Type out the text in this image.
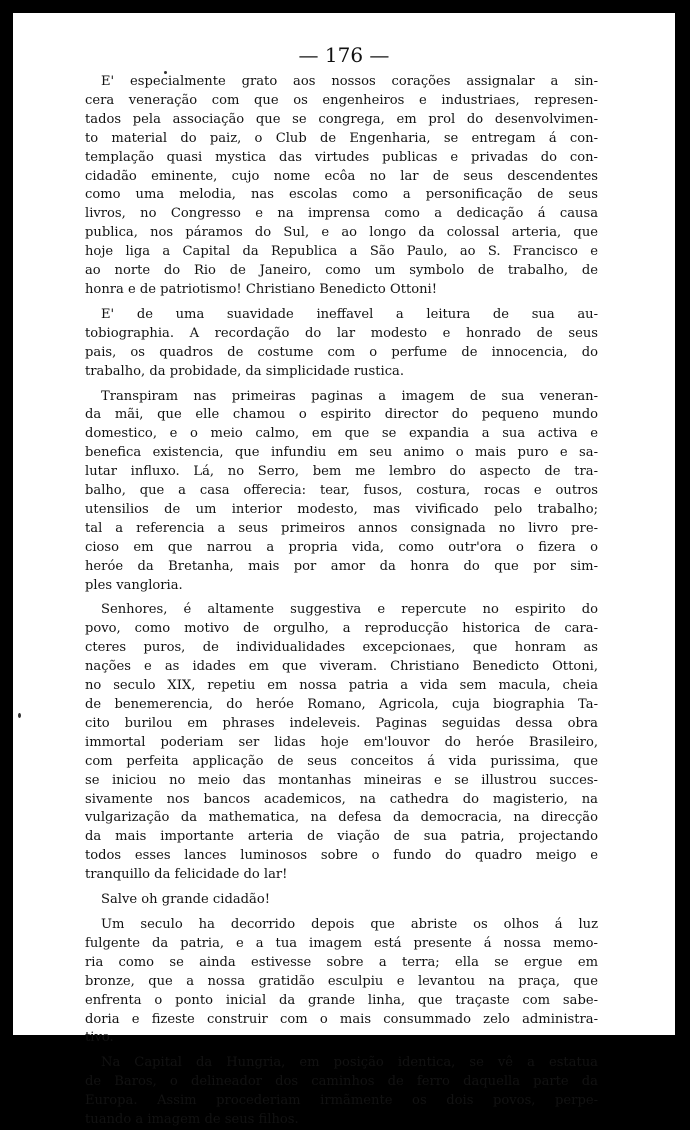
— 176 —
E' especialmente grato aos nossos corações assignalar a sin-
cera veneração com que os engenheiros e industriaes, represen-
tados pela associação que se congrega, em prol do desenvolvimen-
to material do paiz, o Club de Engenharia, se entregam á con-
templação quasi mystica das virtudes publicas e privadas do con-
cidadão eminente, cujo nome ecôa no lar de seus descendentes
como uma melodia, nas escolas como a personificação de seus
livros, no Congresso e na imprensa como a dedicação á causa
publica, nos páramos do Sul, e ao longo da colossal arteria, que
hoje liga a Capital da Republica a São Paulo, ao S. Francisco e
ao norte do Rio de Janeiro, como um symbolo de trabalho, de
honra e de patriotismo! Christiano Benedicto Ottoni!
E' de uma suavidade ineffavel a leitura de sua au-
tobiographia. A recordação do lar modesto e honrado de seus
pais, os quadros de costume com o perfume de innocencia, do
trabalho, da probidade, da simplicidade rustica.
Transpiram nas primeiras paginas a imagem de sua veneran-
da mãi, que elle chamou o espirito director do pequeno mundo
domestico, e o meio calmo, em que se expandia a sua activa e
benefica existencia, que infundiu em seu animo o mais puro e sa-
lutar influxo. Lá, no Serro, bem me lembro do aspecto de tra-
balho, que a casa offerecia: tear, fusos, costura, rocas e outros
utensilios de um interior modesto, mas vivificado pelo trabalho;
tal a referencia a seus primeiros annos consignada no livro pre-
cioso em que narrou a propria vida, como outr'ora o fizera o
heróe da Bretanha, mais por amor da honra do que por sim-
ples vangloria.
Senhores, é altamente suggestiva e repercute no espirito do
povo, como motivo de orgulho, a reproducção historica de cara-
cteres puros, de individualidades excepcionaes, que honram as
nações e as idades em que viveram. Christiano Benedicto Ottoni,
no seculo XIX, repetiu em nossa patria a vida sem macula, cheia
de benemerencia, do heróe Romano, Agricola, cuja biographia Ta-
cito burilou em phrases indeleveis. Paginas seguidas dessa obra
immortal poderiam ser lidas hoje em'louvor do heróe Brasileiro,
com perfeita applicação de seus conceitos á vida purissima, que
se iniciou no meio das montanhas mineiras e se illustrou succes-
sivamente nos bancos academicos, na cathedra do magisterio, na
vulgarização da mathematica, na defesa da democracia, na direcção
da mais importante arteria de viação de sua patria, projectando
todos esses lances luminosos sobre o fundo do quadro meigo e
tranquillo da felicidade do lar!
Salve oh grande cidadão!
Um seculo ha decorrido depois que abriste os olhos á luz
fulgente da patria, e a tua imagem está presente á nossa memo-
ria como se ainda estivesse sobre a terra; ella se ergue em
bronze, que a nossa gratidão esculpiu e levantou na praça, que
enfrenta o ponto inicial da grande linha, que traçaste com sabe-
doria e fizeste construir com o mais consummado zelo administra-
tivo.
Na Capital da Hungria, em posição identica, se vê a estatua
de Baros, o delineador dos caminhos de ferro daquella parte da
Europa. Assim procederiam irmãmente os dois povos, perpe-
tuando a imagem de seus filhos.
